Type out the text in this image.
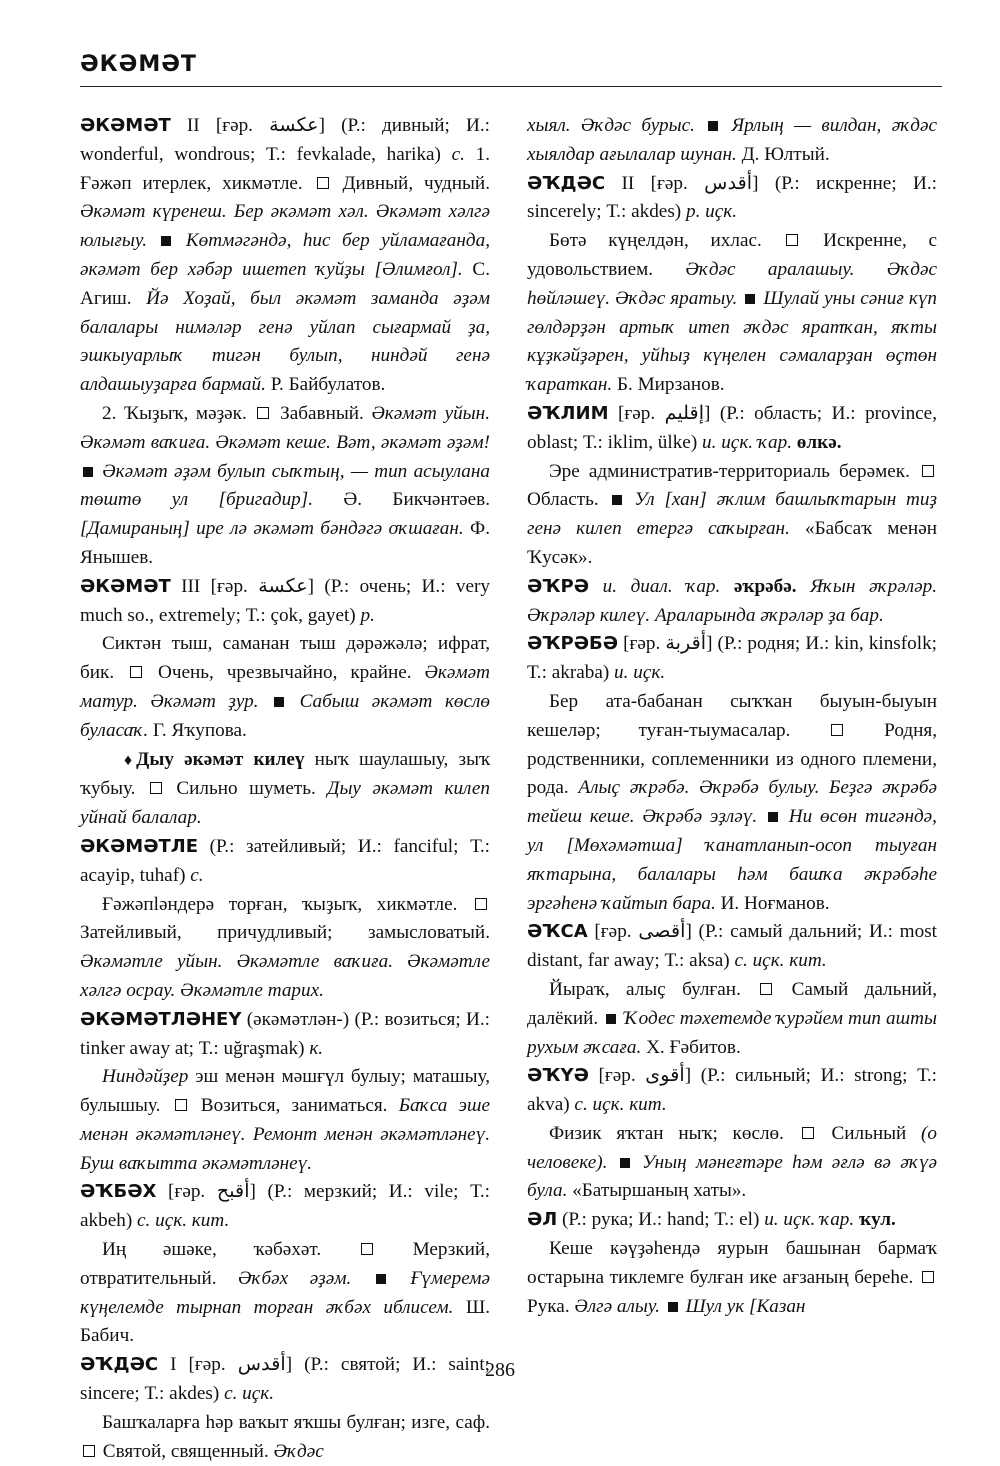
ƏКƏМƏТ

ƏКƏМƏТ II [ғəр. عكسة] (Р.: дивный; И.: wonderful, wondrous; Т.: fevkalade, harika) с. 1. Ғəжəп итерлек, хикмəтле.  Дивный, чудный. Əкəмəт күренеш. Бер əкəмəт хəл. Əкəмəт хəлгə юлығыу.  Көтмəгəндə, һис бер уйламағанда, əкəмəт бер хəбəр ишетеп ҡуйҙы [Əлимғол]. С. Агиш. Йə Хоҙай, был əкəмəт заманда əҙəм балалары нимəлəр генə уйлап сығармай ҙа, эшкыуарлыҡ тигəн булып, ниндəй генə алдашыуҙарға бармай. Р. Байбулатов.

2. Ҡыҙыҡ, мəҙəк.  Забавный. Əкəмəт уйын. Əкəмəт ваҡиға. Əкəмəт кеше. Вəт, əкəмəт əҙəм!  Əкəмəт əҙəм булып сыҡтың, — тип асыулана төштө ул [бригадир]. Ə. Бикчəнтəев. [Дамираның] ире лə əкəмəт бəндəгə оҡшаған. Ф. Янышев.

ƏКƏМƏТ III [ғəр. عكسة] (Р.: очень; И.: very much so., extremely; Т.: çok, gayet) р.

Сиктəн тыш, саманан тыш дəрəжəлə; ифрат, бик.  Очень, чрезвычайно, крайне. Əкəмəт матур. Əкəмəт ҙур.  Сабыш əкəмəт көслө буласаҡ. Г. Яҡупова.

♦ Дыу əкəмəт килеү ныҡ шаулашыу, зыҡ ҡубыу.  Сильно шуметь. Дыу əкəмəт килеп уйнай балалар.

ƏКƏМƏТЛЕ (Р.: затейливый; И.: fanciful; Т.: acayip, tuhaf) с.

Ғəжəпləндерə торған, ҡыҙыҡ, хикмəтле.  Затейливый, причудливый; замысловатый. Əкəмəтле уйын. Əкəмəтле ваҡиға. Əкəмəтле хəлгə осрау. Əкəмəтле тарих.

ƏКƏМƏТЛƏНЕҮ (əкəмəтлəн-) (Р.: возиться; И.: tinker away at; Т.: uğraşmak) к.

Ниндəйҙер эш менəн мəшғүл булыу; маташыу, булышыу.  Возиться, заниматься. Баҡса эше менəн əкəмəтлəнеү. Ремонт менəн əкəмəтлəнеү. Буш ваҡытта əкəмəтлəнеү.

ƏҠБƏХ [ғəр. أقبح] (Р.: мерзкий; И.: vile; Т.: akbeh) с. иҫк. кит.

Иң əшəке, ҡəбəхəт.  Мерзкий, отвратительный. Əҡбəх əҙəм.  Ғүмеремə күңелемде тырнап торған əҡбəх иблисем. Ш. Бабич.

ƏҠДƏС I [ғəр. أقدس] (Р.: святой; И.: saint; sincere; Т.: akdes) с. иҫк.

Башҡаларға һəр ваҡыт яҡшы булған; изге, саф.  Святой, священный. Əҡдəс

хыял. Əҡдəс бурыс.  Ярлың — вилдан, əҡдəс хыялдар ағылалар шунан. Д. Юлтый.

ƏҠДƏС II [ғəр. أقدس] (Р.: искренне; И.: sincerely; Т.: akdes) р. иҫк.

Бөтə күңелдəн, ихлас.  Искренне, с удовольствием. Əҡдəс аралашыу. Əҡдəс һөйлəшеү. Əҡдəс яратыу.  Шулай уны сәниғ күп гөлдəрҙəн артыҡ итеп əҡдəс яратҡан, яҡты кұҙкəйҙəрен, уйһыҙ күңелен сəмаларҙан өҫтөн ҡараткан. Б. Мирзанов.

ƏҠЛИМ [ғəр. إقليم] (Р.: область; И.: province, oblast; Т.: iklim, ülke) и. иҫк. ҡар. өлкə.

Эре административ-территориаль берəмек.  Область.  Ул [хан] əҡлим башлыҡтарын тиҙ генə килеп етергə саҡырған. «Бабсаҡ менəн Ҡусəк».

ƏҠРƏ и. диал. ҡар. əҡрəбə. Яҡын əҡрəлəр. Əҡрəлəр килеү. Араларында əҡрəлəр ҙа бар.

ƏҠРƏБƏ [ғəр. أقربة] (Р.: родня; И.: kin, kinsfolk; Т.: akraba) и. иҫк.

Бер ата-бабанан сыҡҡан быуын-быуын кешелəр; туған-тыумасалар.  Родня, родственники, соплеменники из одного племени, рода. Алыҫ əҡрəбə. Əҡрəбə булыу. Беҙгə əҡрəбə тейеш кеше. Əҡрəбə эҙлəү.  Ни өсөн тигəндə, ул [Мөхəмəтша] ҡанатланып-осоп тыуған яҡтарына, балалары һəм башҡа əҡрəбəһе эргəһенə ҡайтып бара. И. Ноғманов.

ƏҠСА [ғəр. أقصى] (Р.: самый дальний; И.: most distant, far away; Т.: aksa) с. иҫк. кит.

Йыраҡ, алыҫ булған.  Самый дальний, далёкий.  Ҡодес тəхетемде ҡурəйем тип ашты рухым əҡсаға. Х. Ғəбитов.

ƏҠҮƏ [ғəр. أقوى] (Р.: сильный; И.: strong; Т.: akva) с. иҫк. кит.

Физик яҡтан ныҡ; көслө.  Сильный (о человеке).  Уның мəнеғтəре һəм əғлə вə əҡүə була. «Батыршаның хаты».

ƏЛ (Р.: рука; И.: hand; Т.: el) и. иҫк. ҡар. ҡул.

Кеше кəүҙəһендə яурын башынан бармаҡ остарына тиклемге булған ике ағзаның береһе.  Рука. Əлгə алыу.  Шул ук [Казан

286
